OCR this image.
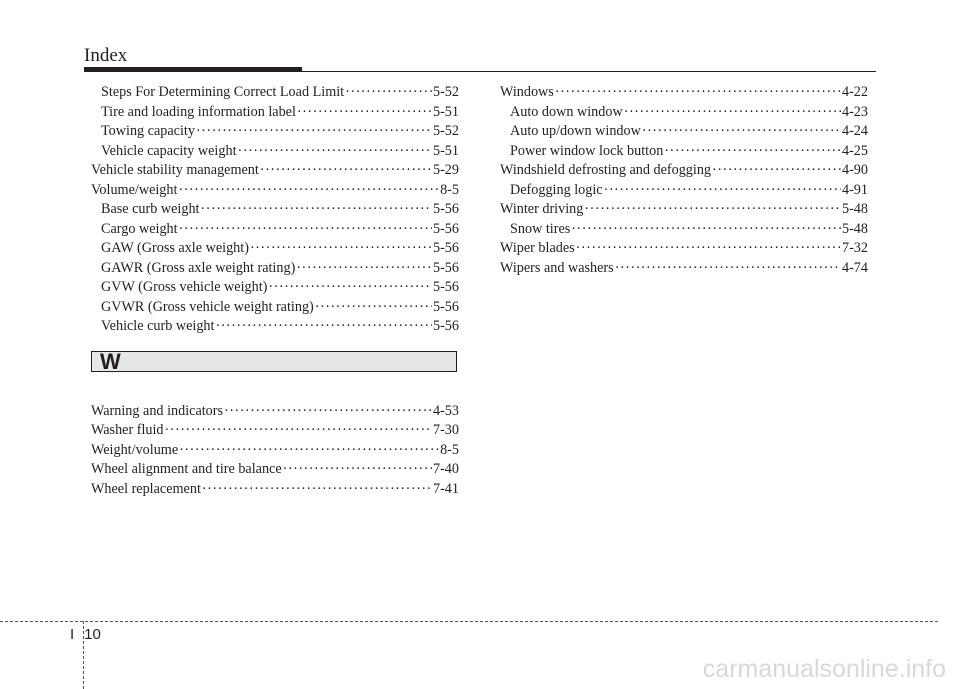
Index
Steps For Determining Correct Load Limit ·····	5-52
Tire and loading information label ·····	5-51
Towing capacity ·····	5-52
Vehicle capacity weight ·····	5-51
Vehicle stability management ·····	5-29
Volume/weight ·····	8-5
Base curb weight ·····	5-56
Cargo weight ·····	5-56
GAW (Gross axle weight) ·····	5-56
GAWR (Gross axle weight rating) ·····	5-56
GVW (Gross vehicle weight) ·····	5-56
GVWR (Gross vehicle weight rating) ·····	5-56
Vehicle curb weight ·····	5-56
W
Warning and indicators ·····	4-53
Washer fluid ·····	7-30
Weight/volume ·····	8-5
Wheel alignment and tire balance ·····	7-40
Wheel replacement ·····	7-41
Windows ·····	4-22
Auto down window ·····	4-23
Auto up/down window ·····	4-24
Power window lock button ·····	4-25
Windshield defrosting and defogging ·····	4-90
Defogging logic ·····	4-91
Winter driving ·····	5-48
Snow tires ·····	5-48
Wiper blades ·····	7-32
Wipers and washers ·····	4-74
I 10
carmanualsonline.info
